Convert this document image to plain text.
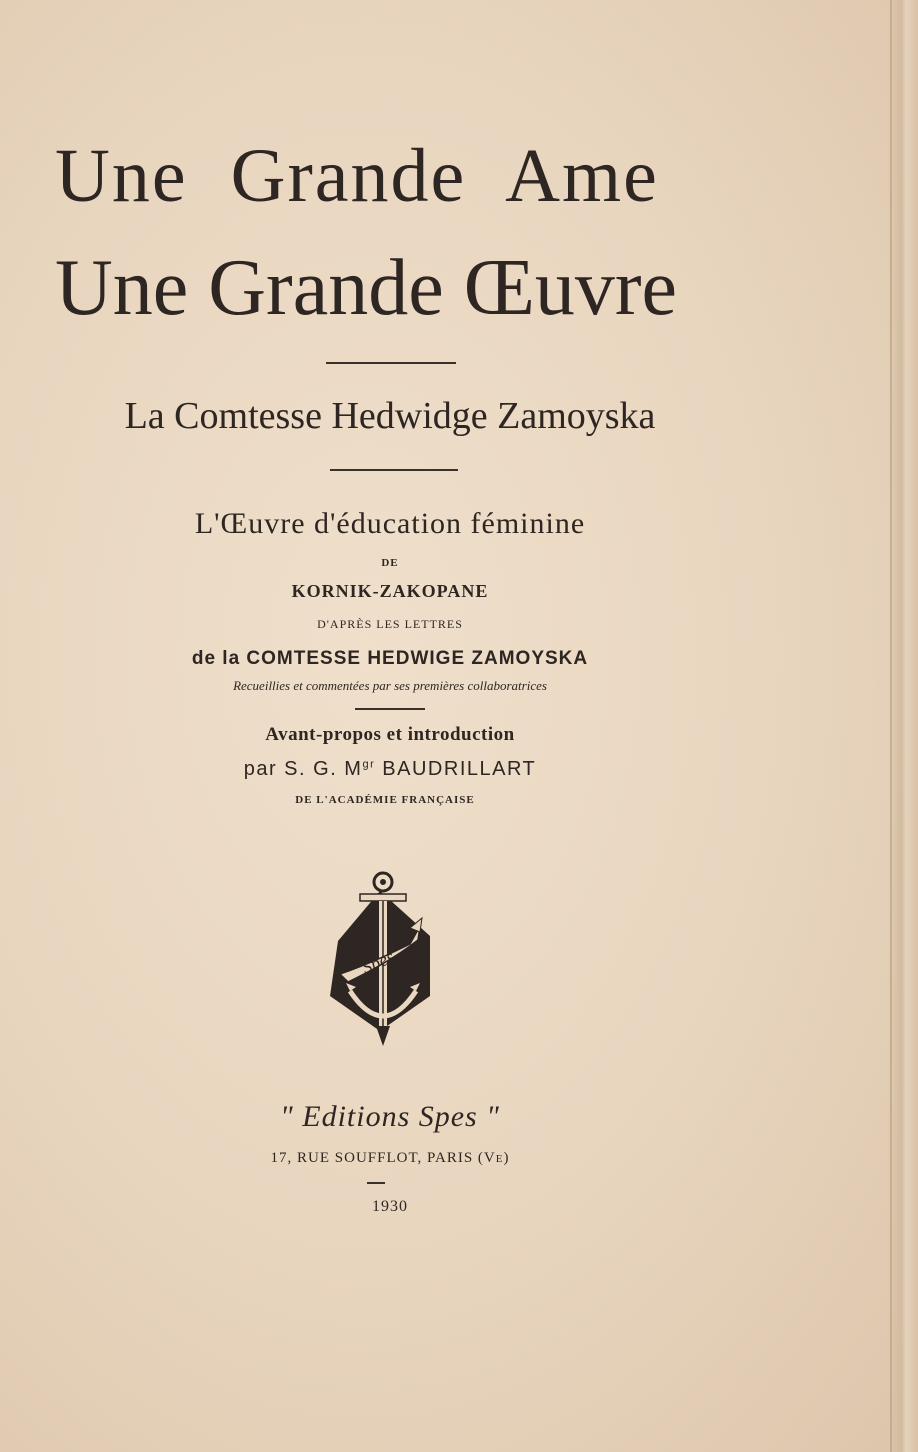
Une Grande Ame
Une Grande Œuvre
La Comtesse Hedwidge Zamoyska
L'Œuvre d'éducation féminine
DE
KORNIK-ZAKOPANE
D'APRÈS LES LETTRES
de la COMTESSE HEDWIGE ZAMOYSKA
Recueillies et commentées par ses premières collaboratrices
Avant-propos et introduction
par S. G. $M^{gr}$ BAUDRILLART
DE L'ACADÉMIE FRANÇAISE
Spes
" Editions Spes "
17, RUE SOUFFLOT, PARIS (Ve)
1930
